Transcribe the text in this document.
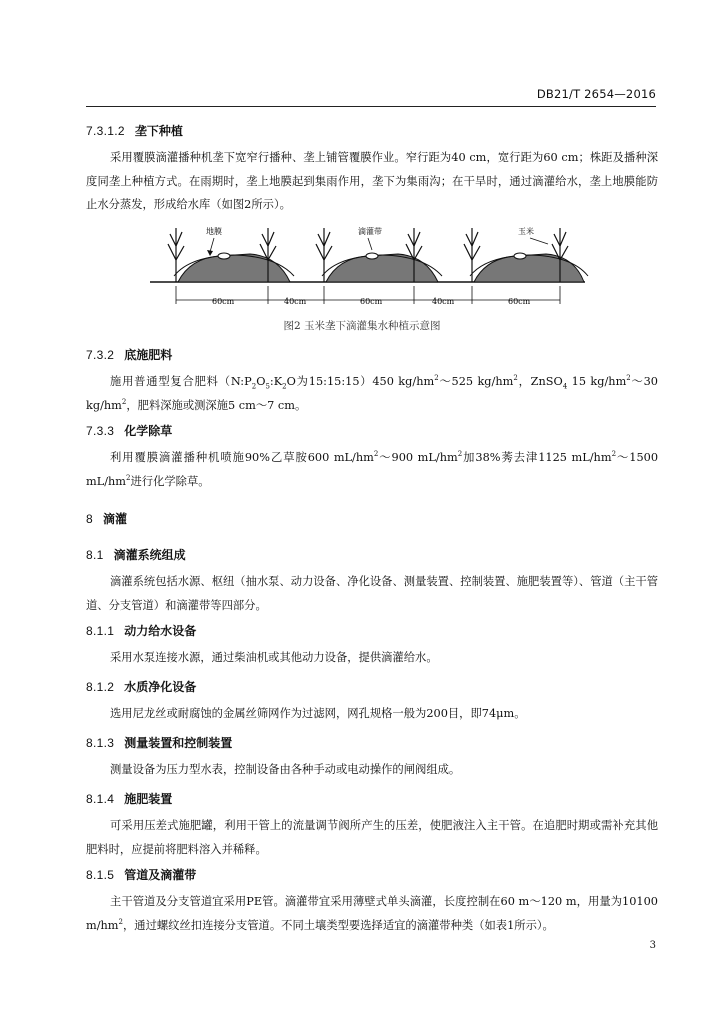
DB21/T 2654—2016
7.3.1.2 垄下种植
采用覆膜滴灌播种机垄下宽窄行播种、垄上铺管覆膜作业。窄行距为40 cm，宽行距为60 cm；株距及播种深度同垄上种植方式。在雨期时，垄上地膜起到集雨作用，垄下为集雨沟；在干旱时，通过滴灌给水，垄上地膜能防止水分蒸发，形成给水库（如图2所示）。
地膜	滴灌带	玉米
60cm	40cm	60cm	40cm	60cm
图2 玉米垄下滴灌集水种植示意图
7.3.2 底施肥料
施用普通型复合肥料（$N:P_2O_5:K_2O$为15:15:15）450 $kg/hm^2\sim 525$ $kg/hm^2$，ZnSO$_4$ 15 $kg/hm^2\sim 30$ $kg/hm^2$，肥料深施或测深施5 cm～7 cm。
7.3.3 化学除草
利用覆膜滴灌播种机喷施90%乙草胺600 $mL/hm^2\sim 900$ $mL/hm^2$加38%莠去津1125 $mL/hm^2\sim 1500$ $mL/hm^2$进行化学除草。
8 滴灌
8.1 滴灌系统组成
滴灌系统包括水源、枢纽（抽水泵、动力设备、净化设备、测量装置、控制装置、施肥装置等）、管道（主干管道、分支管道）和滴灌带等四部分。
8.1.1 动力给水设备
采用水泵连接水源，通过柴油机或其他动力设备，提供滴灌给水。
8.1.2 水质净化设备
选用尼龙丝或耐腐蚀的金属丝筛网作为过滤网，网孔规格一般为200目，即74μm。
8.1.3 测量装置和控制装置
测量设备为压力型水表，控制设备由各种手动或电动操作的闸阀组成。
8.1.4 施肥装置
可采用压差式施肥罐，利用干管上的流量调节阀所产生的压差，使肥液注入主干管。在追肥时期或需补充其他肥料时，应提前将肥料溶入并稀释。
8.1.5 管道及滴灌带
主干管道及分支管道宜采用PE管。滴灌带宜采用薄壁式单头滴灌，长度控制在60 m～120 m，用量为10100 $m/hm^2$，通过螺纹丝扣连接分支管道。不同土壤类型要选择适宜的滴灌带种类（如表1所示）。
3
